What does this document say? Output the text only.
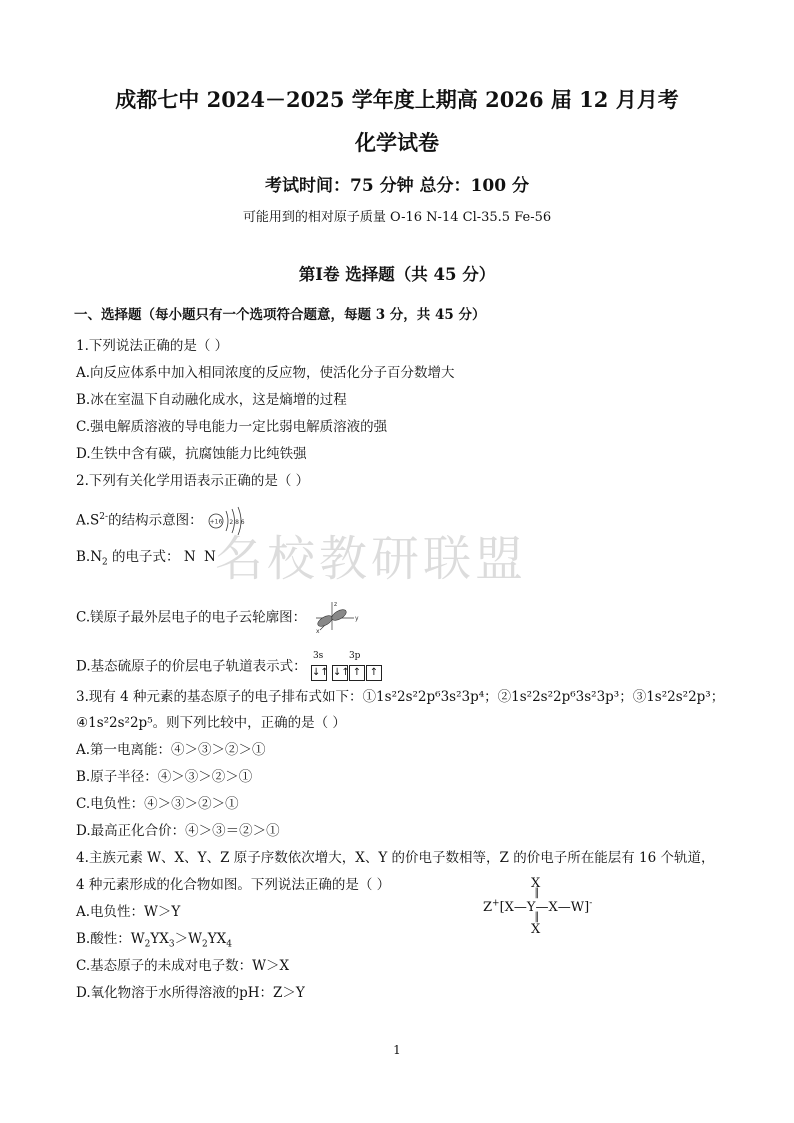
成都七中 2024－2025 学年度上期高 2026 届 12 月月考
化学试卷
考试时间：75 分钟 总分：100 分
可能用到的相对原子质量 O-16 N-14 Cl-35.5 Fe-56
第Ⅰ卷 选择题（共 45 分）
一、选择题（每小题只有一个选项符合题意，每题 3 分，共 45 分）
名校教研联盟
1.下列说法正确的是（ ）
A.向反应体系中加入相同浓度的反应物，使活化分子百分数增大
B.冰在室温下自动融化成水，这是熵增的过程
C.强电解质溶液的导电能力一定比弱电解质溶液的强
D.生铁中含有碳，抗腐蚀能力比纯铁强
2.下列有关化学用语表示正确的是（ ）
$A.S^{2-}$的结构示意图： +16 2 8 6
$B.N_2$ 的电子式： N N
C.镁原子最外层电子的电子云轮廓图：
z
y
x
D.基态硫原子的价层电子轨道表示式：
3s	3p
↓↑ ↓↑ ↑ ↑
3.现有 4 种元素的基态原子的电子排布式如下：①1s²2s²2p⁶3s²3p⁴；②1s²2s²2p⁶3s²3p³；③1s²2s²2p³；
④1s²2s²2p⁵。则下列比较中，正确的是（ ）
A.第一电离能：④＞③＞②＞①
B.原子半径：④＞③＞②＞①
C.电负性：④＞③＞②＞①
D.最高正化合价：④＞③＝②＞①
4.主族元素 W、X、Y、Z 原子序数依次增大，X、Y 的价电子数相等，Z 的价电子所在能层有 16 个轨道，
4 种元素形成的化合物如图。下列说法正确的是（ ）
A.电负性：W＞Y
B.酸性：$W_2YX_3>W_2YX_4$
C.基态原子的未成对电子数：W＞X
D.氧化物溶于水所得溶液的pH：Z＞Y
X
║
Z+[X—Y—X—W]-
║
X
1
